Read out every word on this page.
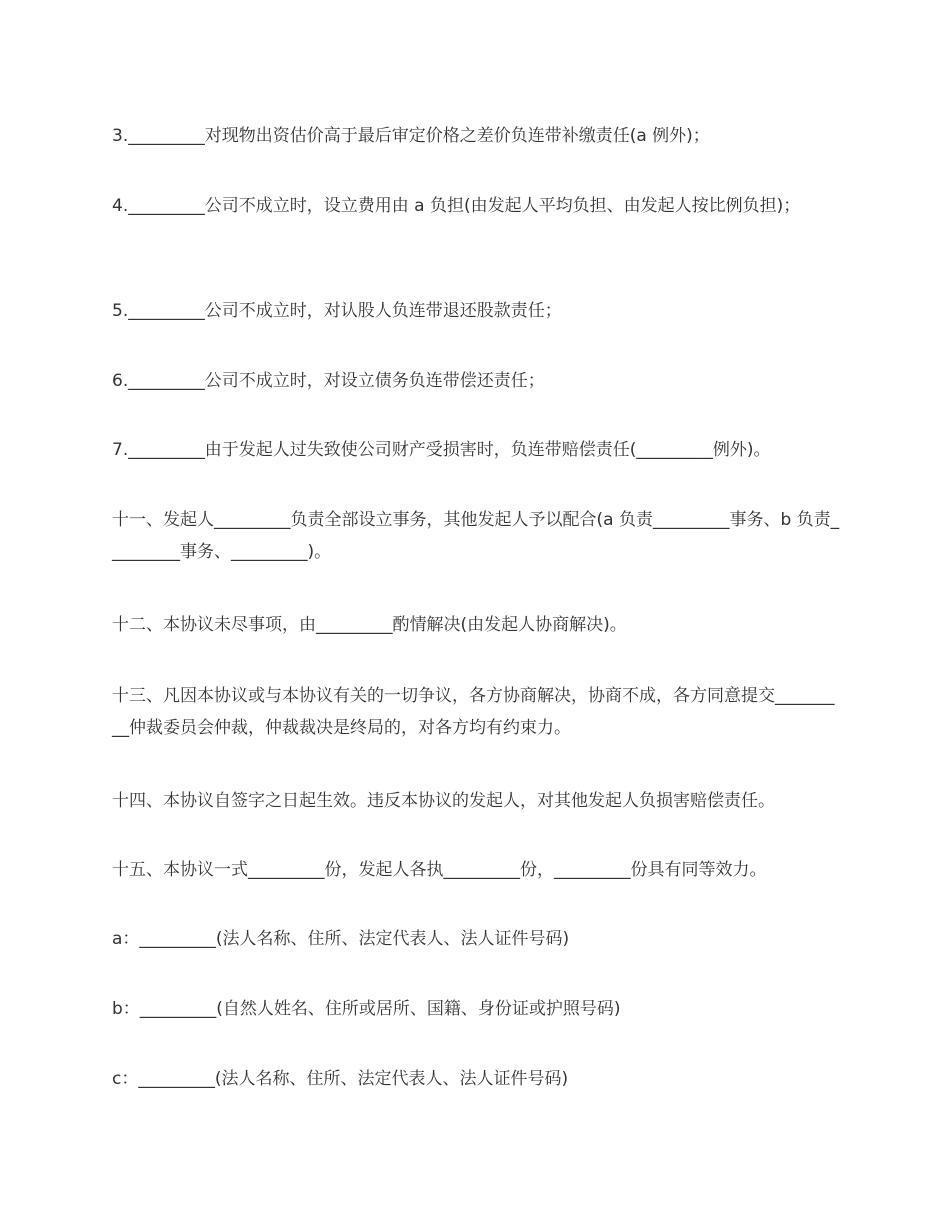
3._________对现物出资估价高于最后审定价格之差价负连带补缴责任(a 例外)；

4._________公司不成立时，设立费用由 a 负担(由发起人平均负担、由发起人按比例负担)；

5._________公司不成立时，对认股人负连带退还股款责任；

6._________公司不成立时，对设立债务负连带偿还责任；

7._________由于发起人过失致使公司财产受损害时，负连带赔偿责任(_________例外)。

十一、发起人_________负责全部设立事务，其他发起人予以配合(a 负责_________事务、b 负责_________事务、_________)。

十二、本协议未尽事项，由_________酌情解决(由发起人协商解决)。

十三、凡因本协议或与本协议有关的一切争议，各方协商解决，协商不成，各方同意提交_________仲裁委员会仲裁，仲裁裁决是终局的，对各方均有约束力。

十四、本协议自签字之日起生效。违反本协议的发起人，对其他发起人负损害赔偿责任。

十五、本协议一式_________份，发起人各执_________份，_________份具有同等效力。

a：_________(法人名称、住所、法定代表人、法人证件号码)

b：_________(自然人姓名、住所或居所、国籍、身份证或护照号码)

c：_________(法人名称、住所、法定代表人、法人证件号码)
